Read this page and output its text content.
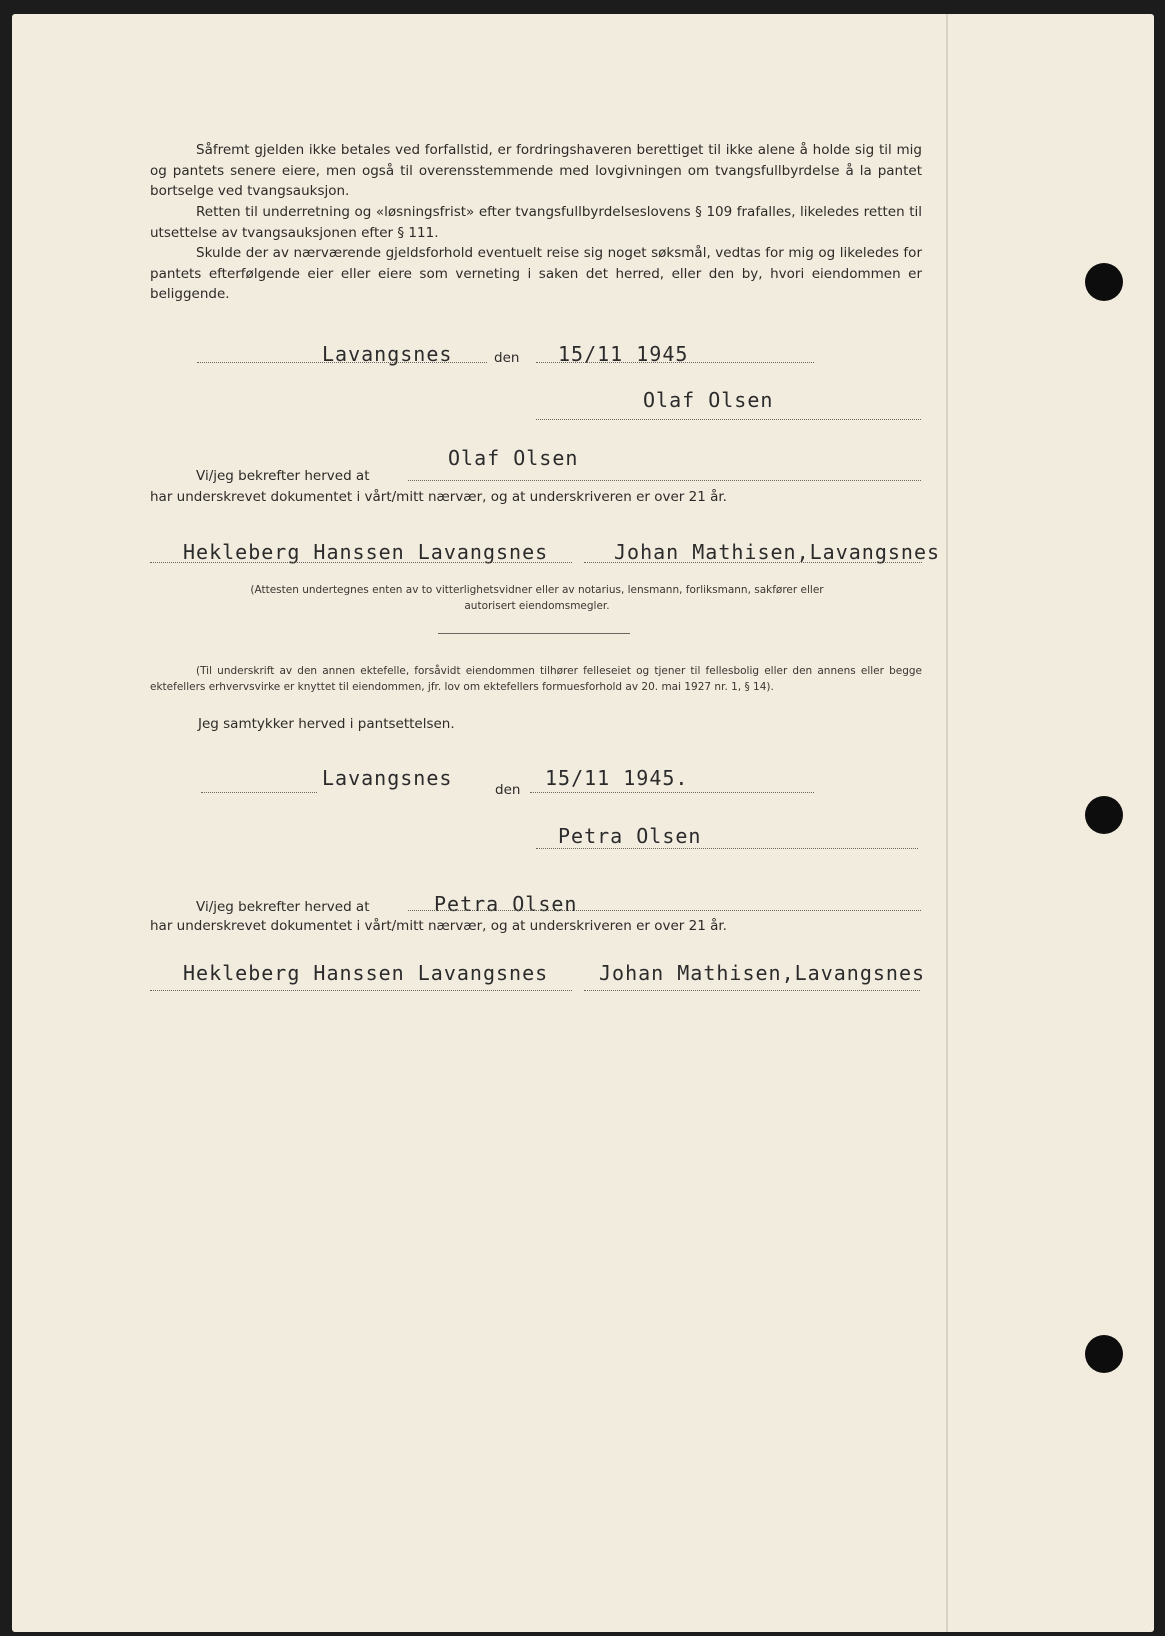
Såfremt gjelden ikke betales ved forfallstid, er fordringshaveren berettiget til ikke alene å holde sig til mig og pantets senere eiere, men også til overensstemmende med lovgivningen om tvangsfullbyrdelse å la pantet bortselge ved tvangsauksjon.

Retten til underretning og «løsningsfrist» efter tvangsfullbyrdelseslovens § 109 frafalles, likeledes retten til utsettelse av tvangsauksjonen efter § 111.

Skulde der av nærværende gjeldsforhold eventuelt reise sig noget søksmål, vedtas for mig og likeledes for pantets efterfølgende eier eller eiere som verneting i saken det herred, eller den by, hvori eiendommen er beliggende.

Lavangsnes	den 15/11 1945
Olaf Olsen
Vi/jeg bekrefter herved at
Olaf Olsen
har underskrevet dokumentet i vårt/mitt nærvær, og at underskriveren er over 21 år.
Hekleberg Hanssen Lavangsnes	Johan Mathisen,Lavangsnes

(Attesten undertegnes enten av to vitterlighetsvidner eller av notarius, lensmann, forliksmann, sakfører eller autorisert eiendomsmegler.

(Til underskrift av den annen ektefelle, forsåvidt eiendommen tilhører felleseiet og tjener til fellesbolig eller den annens eller begge ektefellers erhvervsvirke er knyttet til eiendommen, jfr. lov om ektefellers formuesforhold av 20. mai 1927 nr. 1, § 14).

Jeg samtykker herved i pantsettelsen.
Lavangsnes	den 15/11 1945.
Petra Olsen
Vi/jeg bekrefter herved at	Petra Olsen
har underskrevet dokumentet i vårt/mitt nærvær, og at underskriveren er over 21 år.
Hekleberg Hanssen Lavangsnes	Johan Mathisen,Lavangsnes
